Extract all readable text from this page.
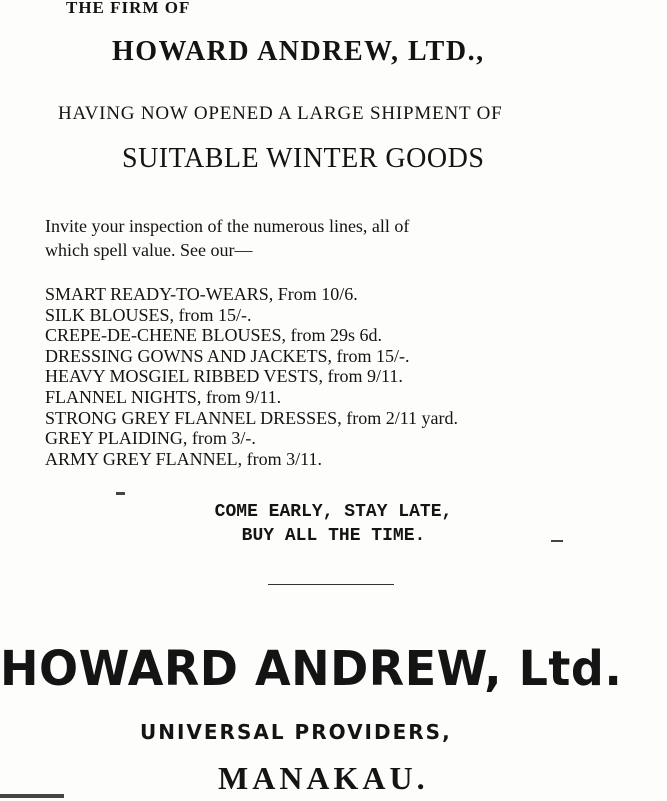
THE FIRM OF
HOWARD ANDREW, LTD.,
HAVING NOW OPENED A LARGE SHIPMENT OF
SUITABLE WINTER GOODS
Invite your inspection of the numerous lines, all of
which spell value. See our—
SMART READY-TO-WEARS, From 10/6.
SILK BLOUSES, from 15/-.
CREPE-DE-CHENE BLOUSES, from 29s 6d.
DRESSING GOWNS AND JACKETS, from 15/-.
HEAVY MOSGIEL RIBBED VESTS, from 9/11.
FLANNEL NIGHTS, from 9/11.
STRONG GREY FLANNEL DRESSES, from 2/11 yard.
GREY PLAIDING, from 3/-.
ARMY GREY FLANNEL, from 3/11.
COME EARLY, STAY LATE,
BUY ALL THE TIME.
HOWARD ANDREW, Ltd.
UNIVERSAL PROVIDERS,
MANAKAU.
